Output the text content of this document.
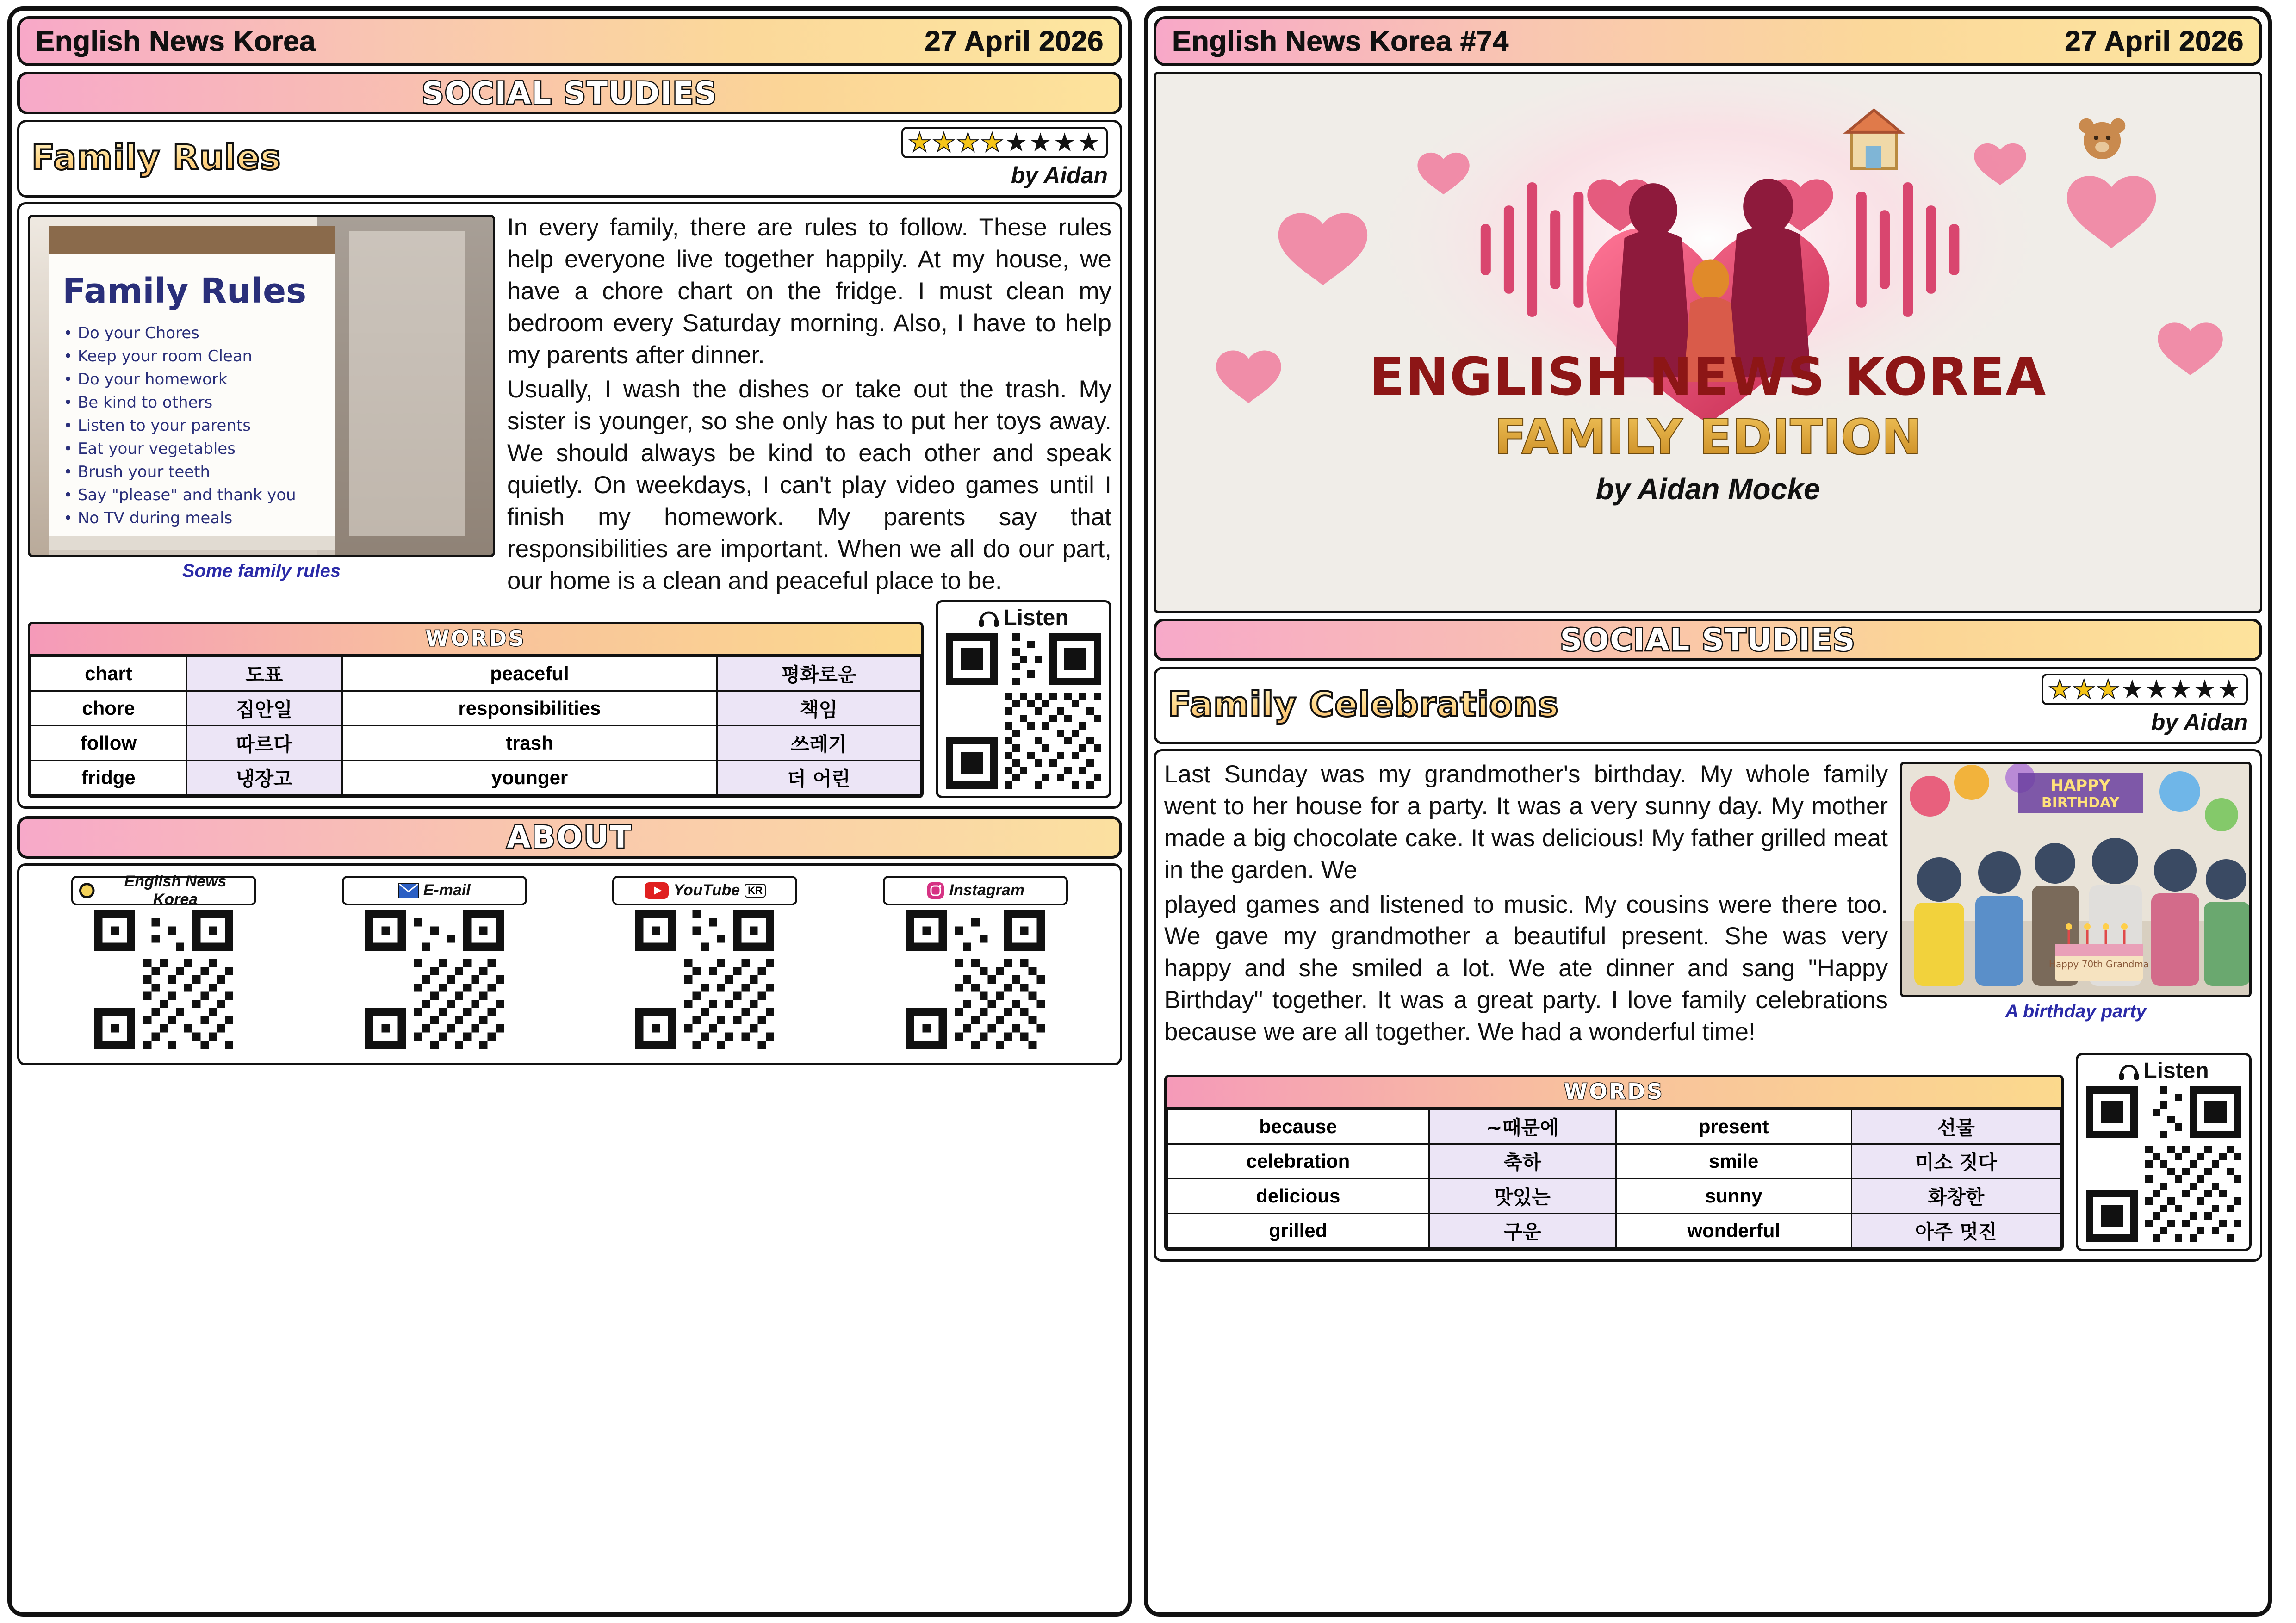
English News Korea	27 April 2026
SOCIAL STUDIES
Family Rules	★★★★★★★★
by Aidan
Family Rules
• Do your Chores
• Keep your room Clean
• Do your homework
• Be kind to others
• Listen to your parents
• Eat your vegetables
• Brush your teeth
• Say "please" and thank you
• No TV during meals
Some family rules
In every family, there are rules to follow. These rules help everyone live together happily. At my house, we have a chore chart on the fridge. I must clean my bedroom every Saturday morning. Also, I have to help my parents after dinner.
Usually, I wash the dishes or take out the trash. My sister is younger, so she only has to put her toys away. We should always be kind to each other and speak quietly. On weekdays, I can't play video games until I finish my homework. My parents say that responsibilities are important. When we all do our part, our home is a clean and peaceful place to be.
WORDS
chart	도표	peaceful	평화로운
chore	집안일	responsibilities	책임
follow	따르다	trash	쓰레기
fridge	냉장고	younger	더 어린
Listen
ABOUT
English News Korea
E-mail	YouTube KR	Instagram
English News Korea #74	27 April 2026
ENGLISH NEWS KOREA
FAMILY EDITION
by Aidan Mocke
SOCIAL STUDIES
Family Celebrations	★★★★★★★★
by Aidan
HAPPY
BIRTHDAY
Happy 70th Grandma
A birthday party
Last Sunday was my grandmother's birthday. My whole family went to her house for a party. It was a very sunny day. My mother made a big chocolate cake. It was delicious! My father grilled meat in the garden. We
played games and listened to music. My cousins were there too. We gave my grandmother a beautiful present. She was very happy and she smiled a lot. We ate dinner and sang "Happy Birthday" together. It was a great party. I love family celebrations because we are all together. We had a wonderful time!
WORDS
because	~때문에	present	선물
celebration	축하	smile	미소 짓다
delicious	맛있는	sunny	화창한
grilled	구운	wonderful	아주 멋진
Listen
